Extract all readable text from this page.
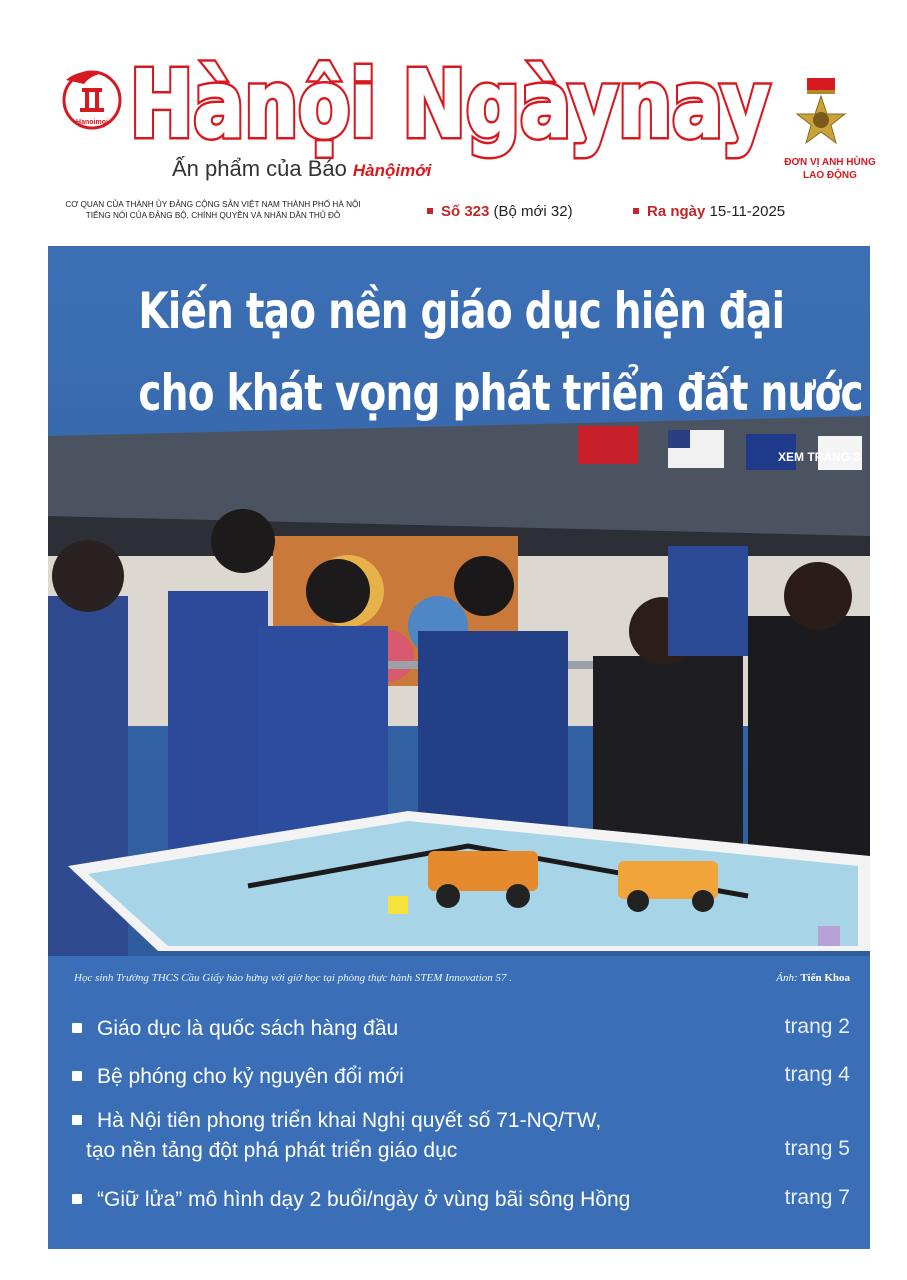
Hanoimoi Hànội Ngàynay
Hànội Ngàynay
Ấn phẩm của Báo Hànộimới	ĐƠN VỊ ANH HÙNG LAO ĐỘNG
CƠ QUAN CỦA THÀNH ỦY ĐẢNG CỘNG SẢN VIỆT NAM THÀNH PHỐ HÀ NỘI
TIẾNG NÓI CỦA ĐẢNG BỘ, CHÍNH QUYỀN VÀ NHÂN DÂN THỦ ĐÔ	Số 323 (Bộ mới 32)	Ra ngày 15-11-2025
Kiến tạo nền giáo dục hiện đại
cho khát vọng phát triển đất nước
XEM TRANG 3
Học sinh Trường THCS Cầu Giấy hào hứng với giờ học tại phòng thực hành STEM Innovation 57 .	Ảnh: Tiến Khoa
Giáo dục là quốc sách hàng đầu	trang 2
Bệ phóng cho kỷ nguyên đổi mới	trang 4
Hà Nội tiên phong triển khai Nghị quyết số 71-NQ/TW,
tạo nền tảng đột phá phát triển giáo dục	trang 5
“Giữ lửa” mô hình dạy 2 buổi/ngày ở vùng bãi sông Hồng	trang 7
